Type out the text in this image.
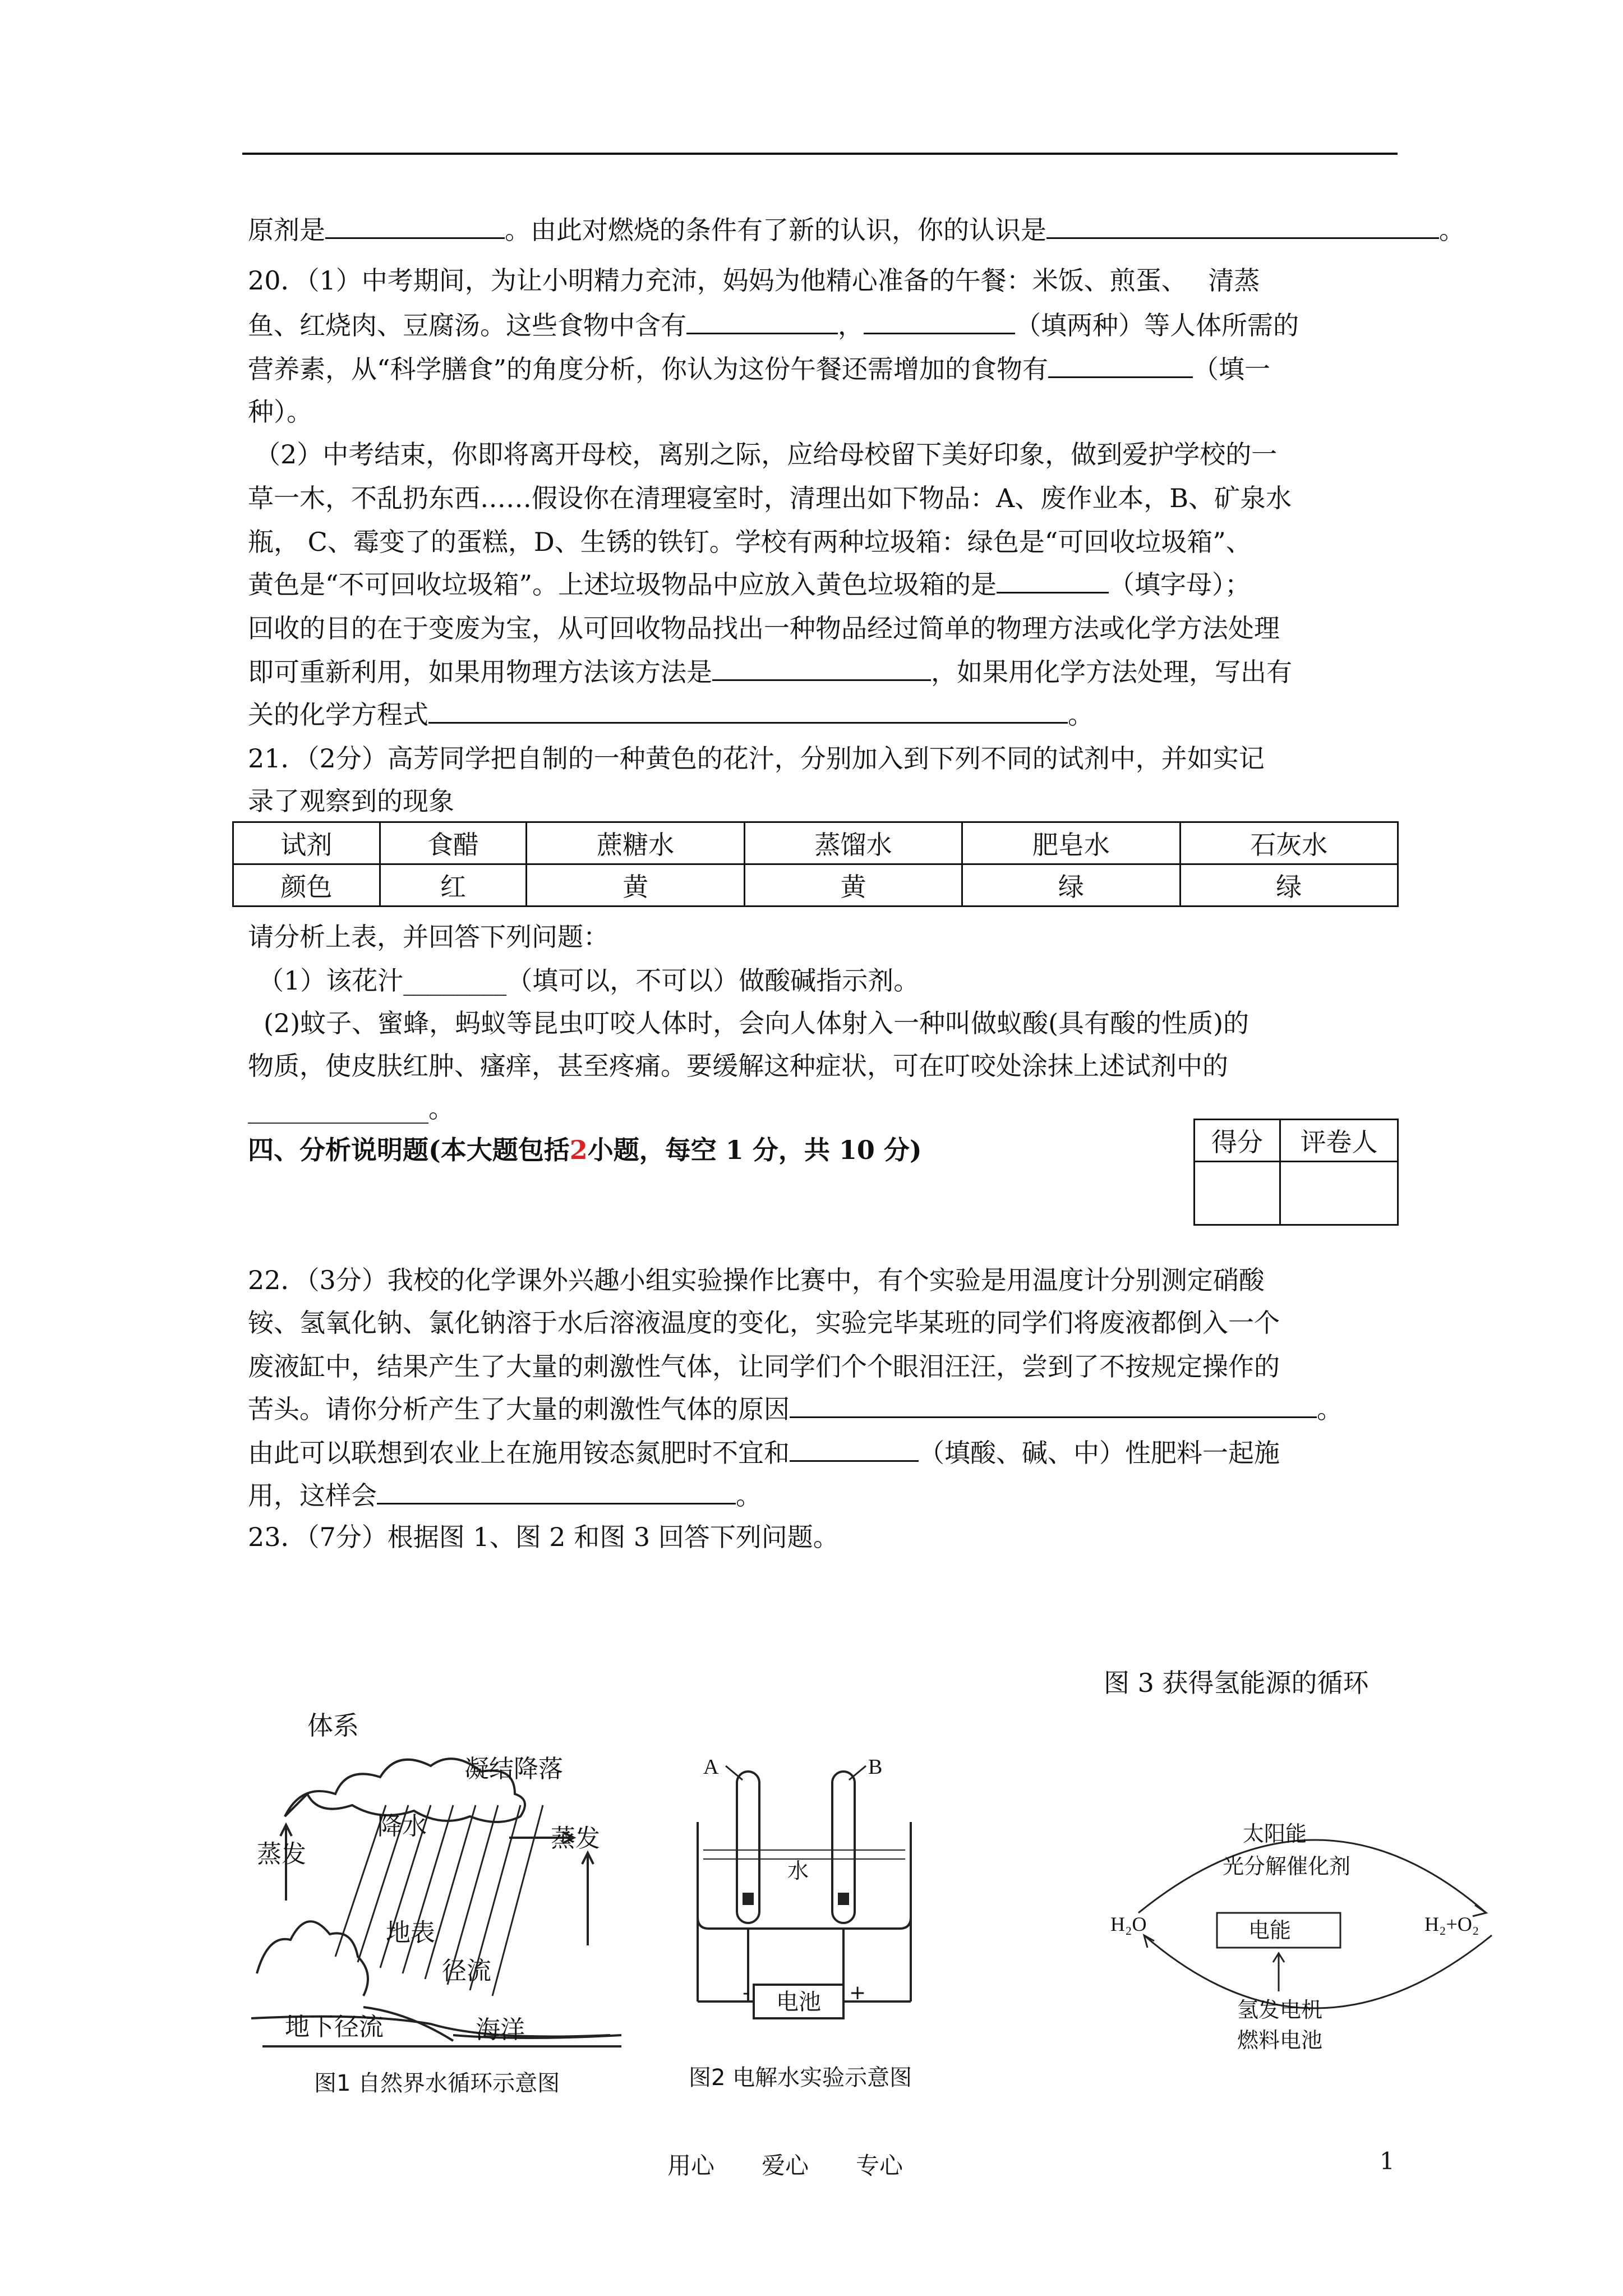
原剂是	。由此对燃烧的条件有了新的认识，你的认识是	。
20．（1）中考期间，为让小明精力充沛，妈妈为他精心准备的午餐：米饭、煎蛋、　 清蒸
鱼、红烧肉、豆腐汤。这些食物中含有	，	（填两种）等人体所需的
营养素，从“科学膳食”的角度分析，你认为这份午餐还需增加的食物有	（填一
种）。
（2）中考结束，你即将离开母校，离别之际，应给母校留下美好印象，做到爱护学校的一
草一木，不乱扔东西……假设你在清理寝室时，清理出如下物品：A、废作业本，B、矿泉水
瓶， C、霉变了的蛋糕，D、生锈的铁钉。学校有两种垃圾箱：绿色是“可回收垃圾箱”、
黄色是“不可回收垃圾箱”。上述垃圾物品中应放入黄色垃圾箱的是	（填字母）；
回收的目的在于变废为宝，从可回收物品找出一种物品经过简单的物理方法或化学方法处理
即可重新利用，如果用物理方法该方法是	，如果用化学方法处理，写出有
关的化学方程式	。
21．（2分）高芳同学把自制的一种黄色的花汁，分别加入到下列不同的试剂中，并如实记
录了观察到的现象
试剂	食醋	蔗糖水	蒸馏水	肥皂水	石灰水
颜色	红	黄	黄	绿	绿
请分析上表，并回答下列问题：
（1）该花汁________（填可以，不可以）做酸碱指示剂。
(2)蚊子、蜜蜂，蚂蚁等昆虫叮咬人体时，会向人体射入一种叫做蚁酸(具有酸的性质)的
物质，使皮肤红肿、瘙痒，甚至疼痛。要缓解这种症状，可在叮咬处涂抹上述试剂中的
______________。
四、分析说明题(本大题包括2小题，每空 1 分，共 10 分)	得分	评卷人

22．（3分）我校的化学课外兴趣小组实验操作比赛中，有个实验是用温度计分别测定硝酸
铵、氢氧化钠、氯化钠溶于水后溶液温度的变化，实验完毕某班的同学们将废液都倒入一个
废液缸中，结果产生了大量的刺激性气体，让同学们个个眼泪汪汪，尝到了不按规定操作的
苦头。请你分析产生了大量的刺激性气体的原因	。
由此可以联想到农业上在施用铵态氮肥时不宜和	（填酸、碱、中）性肥料一起施
用，这样会	。
23．（7分）根据图 1、图 2 和图 3 回答下列问题。
图 3 获得氢能源的循环
体系
凝结降落
蒸发
降水	蒸发
地表
径流
地下径流	海洋
图1 自然界水循环示意图
A	B
水
电池
-	+
图2 电解水实验示意图
太阳能
光分解催化剂
H₂O	电能	H₂+O₂
氢发电机
燃料电池
用心　　爱心　　专心	1
